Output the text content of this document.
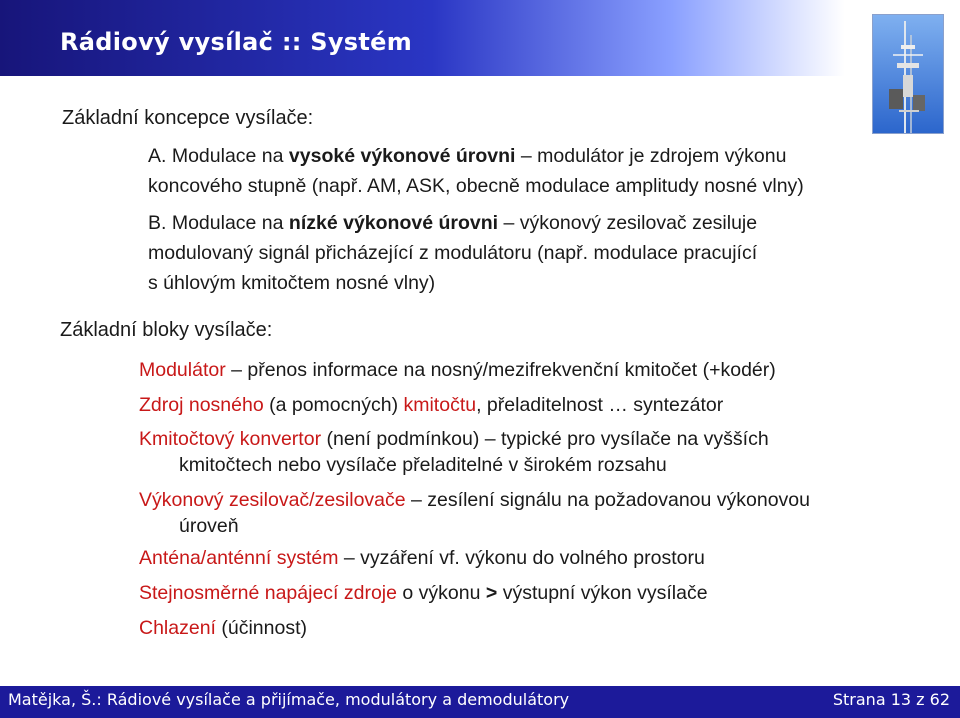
Rádiový vysílač :: Systém
Základní koncepce vysílače:
A. Modulace na vysoké výkonové úrovni – modulátor je zdrojem výkonu
koncového stupně (např. AM, ASK, obecně modulace amplitudy nosné vlny)
B. Modulace na nízké výkonové úrovni – výkonový zesilovač zesiluje
modulovaný signál přicházející z modulátoru (např. modulace pracující
s úhlovým kmitočtem nosné vlny)
Základní bloky vysílače:
Modulátor – přenos informace na nosný/mezifrekvenční kmitočet (+kodér)
Zdroj nosného (a pomocných) kmitočtu, přeladitelnost … syntezátor
Kmitočtový konvertor (není podmínkou) – typické pro vysílače na vyšších
kmitočtech nebo vysílače přeladitelné v širokém rozsahu
Výkonový zesilovač/zesilovače – zesílení signálu na požadovanou výkonovou
úroveň
Anténa/anténní systém – vyzáření vf. výkonu do volného prostoru
Stejnosměrné napájecí zdroje o výkonu > výstupní výkon vysílače
Chlazení (účinnost)
Matějka, Š.: Rádiové vysílače a přijímače, modulátory a demodulátory	Strana 13 z 62
